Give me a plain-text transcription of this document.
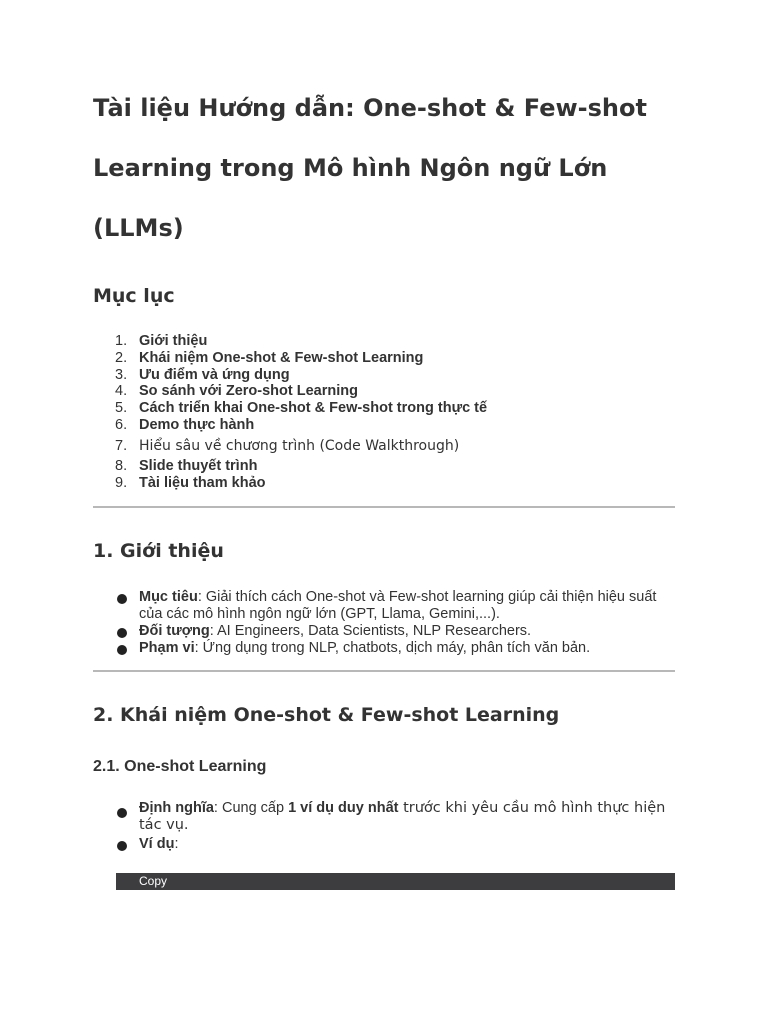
Tài liệu Hướng dẫn: One-shot & Few-shot Learning trong Mô hình Ngôn ngữ Lớn (LLMs)
Mục lục
1. Giới thiệu
2. Khái niệm One-shot & Few-shot Learning
3. Ưu điểm và ứng dụng
4. So sánh với Zero-shot Learning
5. Cách triển khai One-shot & Few-shot trong thực tế
6. Demo thực hành
7. Hiểu sâu về chương trình (Code Walkthrough)
8. Slide thuyết trình
9. Tài liệu tham khảo
1. Giới thiệu
Mục tiêu: Giải thích cách One-shot và Few-shot learning giúp cải thiện hiệu suất của các mô hình ngôn ngữ lớn (GPT, Llama, Gemini,...).
Đối tượng: AI Engineers, Data Scientists, NLP Researchers.
Phạm vi: Ứng dụng trong NLP, chatbots, dịch máy, phân tích văn bản.
2. Khái niệm One-shot & Few-shot Learning
2.1. One-shot Learning
Định nghĩa: Cung cấp 1 ví dụ duy nhất trước khi yêu cầu mô hình thực hiện tác vụ.
Ví dụ:
Copy
